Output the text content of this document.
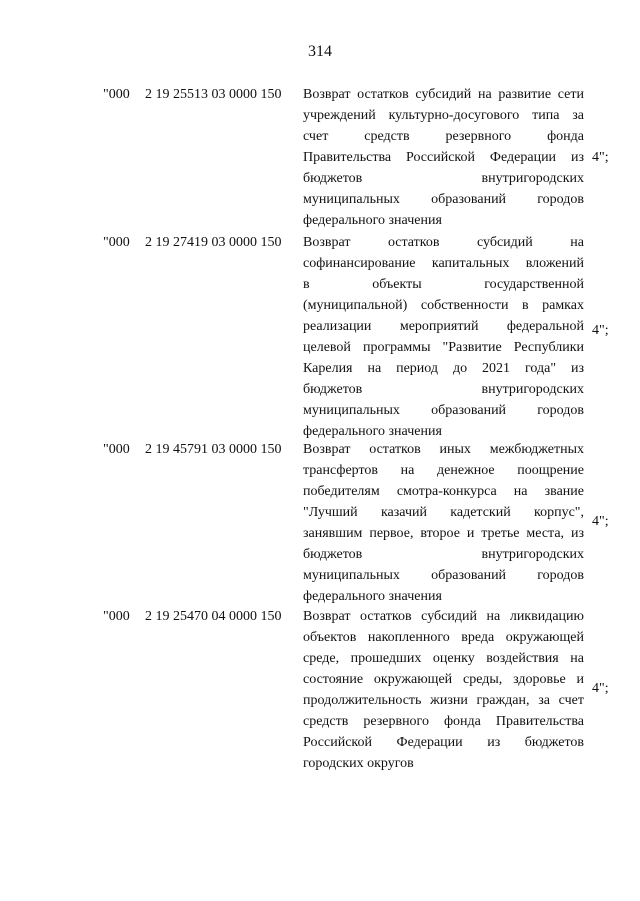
314
"000 2 19 25513 03 0000 150 Возврат остатков субсидий на развитие сети
учреждений культурно-досугового типа за
счет средств резервного фонда
Правительства Российской Федерации из
бюджетов внутригородских
муниципальных образований городов
федерального значения
4";
"000 2 19 27419 03 0000 150 Возврат остатков субсидий на
софинансирование капитальных вложений
в объекты государственной
(муниципальной) собственности в рамках
реализации мероприятий федеральной
целевой программы "Развитие Республики
Карелия на период до 2021 года" из
бюджетов внутригородских
муниципальных образований городов
федерального значения
4";
"000 2 19 45791 03 0000 150 Возврат остатков иных межбюджетных
трансфертов на денежное поощрение
победителям смотра-конкурса на звание
"Лучший казачий кадетский корпус",
занявшим первое, второе и третье места, из
бюджетов внутригородских
муниципальных образований городов
федерального значения
4";
"000 2 19 25470 04 0000 150 Возврат остатков субсидий на ликвидацию
объектов накопленного вреда окружающей
среде, прошедших оценку воздействия на
состояние окружающей среды, здоровье и
продолжительность жизни граждан, за счет
средств резервного фонда Правительства
Российской Федерации из бюджетов
городских округов
4";
